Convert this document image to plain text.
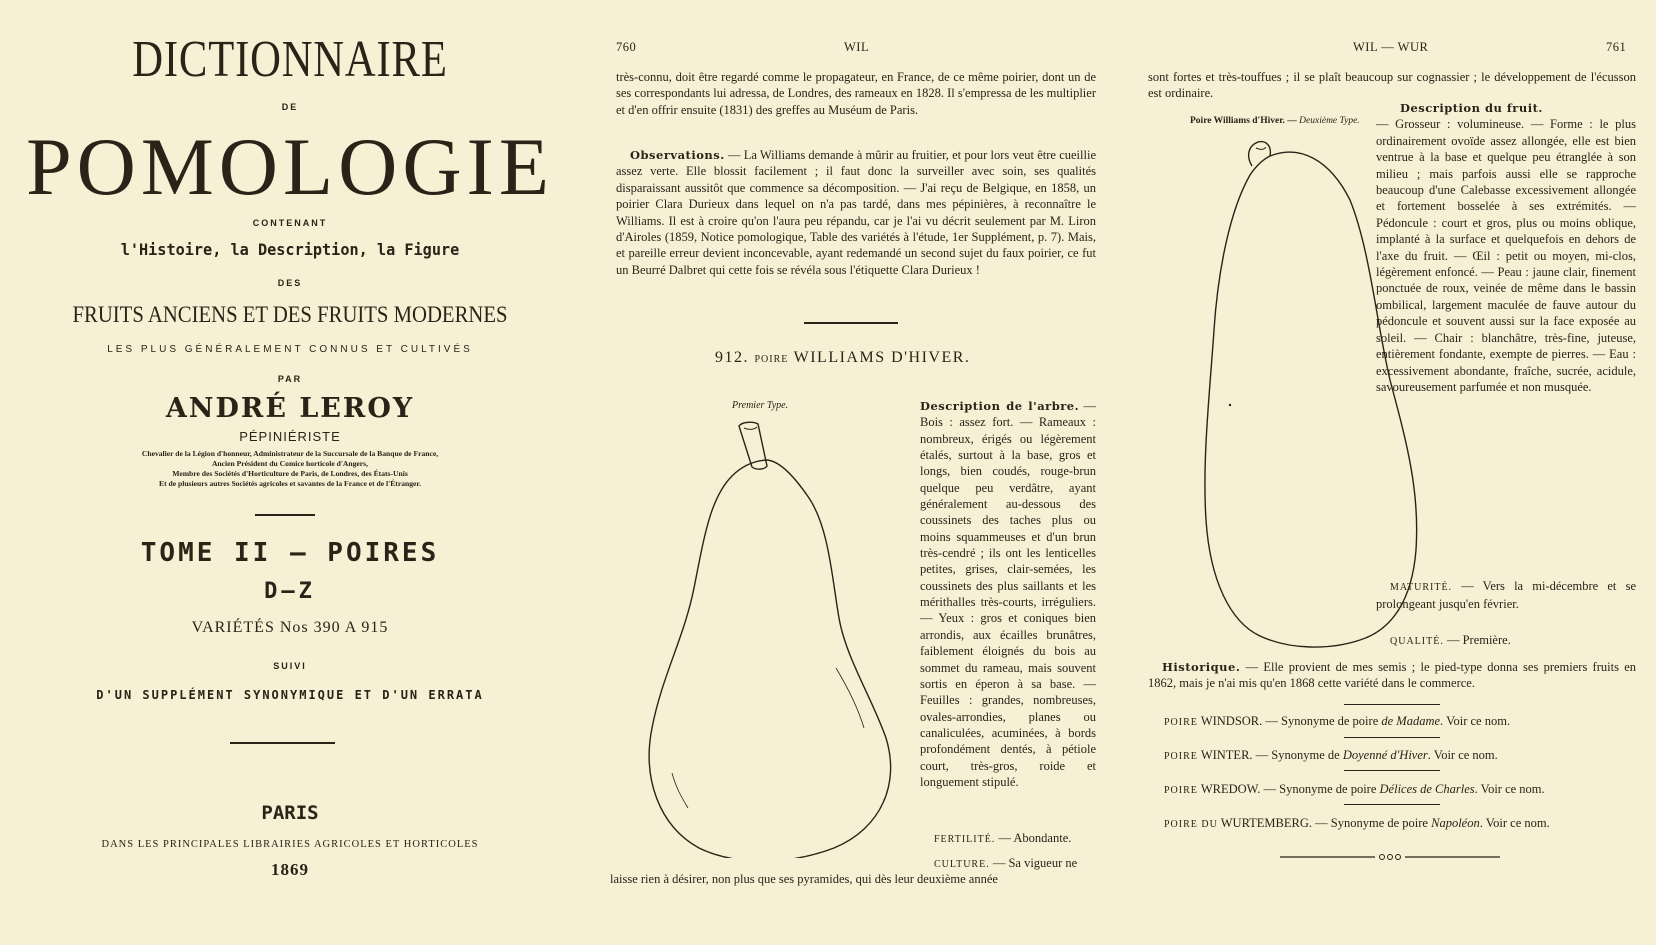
DICTIONNAIRE
DE
POMOLOGIE
CONTENANT
l'Histoire, la Description, la Figure
DES
FRUITS ANCIENS ET DES FRUITS MODERNES
LES PLUS GÉNÉRALEMENT CONNUS ET CULTIVÉS
PAR
ANDRÉ LEROY
PÉPINIÉRISTE
Chevalier de la Légion d'honneur, Administrateur de la Succursale de la Banque de France,
Ancien Président du Comice horticole d'Angers,
Membre des Sociétés d'Horticulture de Paris, de Londres, des États-Unis
Et de plusieurs autres Sociétés agricoles et savantes de la France et de l'Étranger.
TOME II — POIRES
D—Z
VARIÉTÉS Nos 390 A 915
SUIVI
D'UN SUPPLÉMENT SYNONYMIQUE ET D'UN ERRATA
PARIS
DANS LES PRINCIPALES LIBRAIRIES AGRICOLES ET HORTICOLES
1869
760	WIL

très-connu, doit être regardé comme le propagateur, en France, de ce même poirier, dont un de ses correspondants lui adressa, de Londres, des rameaux en 1828. Il s'empressa de les multiplier et d'en offrir ensuite (1831) des greffes au Muséum de Paris.

Observations. — La Williams demande à mûrir au fruitier, et pour lors veut être cueillie assez verte. Elle blossit facilement ; il faut donc la surveiller avec soin, ses qualités disparaissant aussitôt que commence sa décomposition. — J'ai reçu de Belgique, en 1858, un poirier Clara Durieux dans lequel on n'a pas tardé, dans mes pépinières, à reconnaître le Williams. Il est à croire qu'on l'aura peu répandu, car je l'ai vu décrit seulement par M. Liron d'Airoles (1859, Notice pomologique, Table des variétés à l'étude, 1er Supplément, p. 7). Mais, et pareille erreur devient inconcevable, ayant redemandé un second sujet du faux poirier, ce fut un Beurré Dalbret qui cette fois se révéla sous l'étiquette Clara Durieux !

912. POIRE WILLIAMS D'HIVER.
Premier Type.	Description de l'arbre. — Bois : assez fort. — Rameaux : nombreux, érigés ou légèrement étalés, surtout à la base, gros et longs, bien coudés, rouge-brun quelque peu verdâtre, ayant généralement au-dessous des coussinets des taches plus ou moins squammeuses et d'un brun très-cendré ; ils ont les lenticelles petites, grises, clair-semées, les coussinets des plus saillants et les mérithalles très-courts, irréguliers. — Yeux : gros et coniques bien arrondis, aux écailles brunâtres, faiblement éloignés du bois au sommet du rameau, mais souvent sortis en éperon à sa base. — Feuilles : grandes, nombreuses, ovales-arrondies, planes ou canaliculées, acuminées, à bords profondément dentés, à pétiole court, très-gros, roide et longuement stipulé.

FERTILITÉ. — Abondante.

CULTURE. — Sa vigueur ne

laisse rien à désirer, non plus que ses pyramides, qui dès leur deuxième année

WIL — WUR	761

sont fortes et très-touffues ; il se plaît beaucoup sur cognassier ; le développement de l'écusson est ordinaire.

Poire Williams d'Hiver. — Deuxième Type.

Description du fruit.
— Grosseur : volumineuse. — Forme : le plus ordinairement ovoïde assez allongée, elle est bien ventrue à la base et quelque peu étranglée à son milieu ; mais parfois aussi elle se rapproche beaucoup d'une Calebasse excessivement allongée et fortement bosselée à ses extrémités. — Pédoncule : court et gros, plus ou moins oblique, implanté à la surface et quelquefois en dehors de l'axe du fruit. — Œil : petit ou moyen, mi-clos, légèrement enfoncé. — Peau : jaune clair, finement ponctuée de roux, veinée de même dans le bassin ombilical, largement maculée de fauve autour du pédoncule et souvent aussi sur la face exposée au soleil. — Chair : blanchâtre, très-fine, juteuse, entièrement fondante, exempte de pierres. — Eau : excessivement abondante, fraîche, sucrée, acidule, savoureusement parfumée et non musquée.

MATURITÉ. — Vers la mi-décembre et se prolongeant jusqu'en février.

QUALITÉ. — Première.

Historique. — Elle provient de mes semis ; le pied-type donna ses premiers fruits en 1862, mais je n'ai mis qu'en 1868 cette variété dans le commerce.

POIRE WINDSOR. — Synonyme de poire de Madame. Voir ce nom.
POIRE WINTER. — Synonyme de Doyenné d'Hiver. Voir ce nom.
POIRE WREDOW. — Synonyme de poire Délices de Charles. Voir ce nom.
POIRE DU WURTEMBERG. — Synonyme de poire Napoléon. Voir ce nom.
